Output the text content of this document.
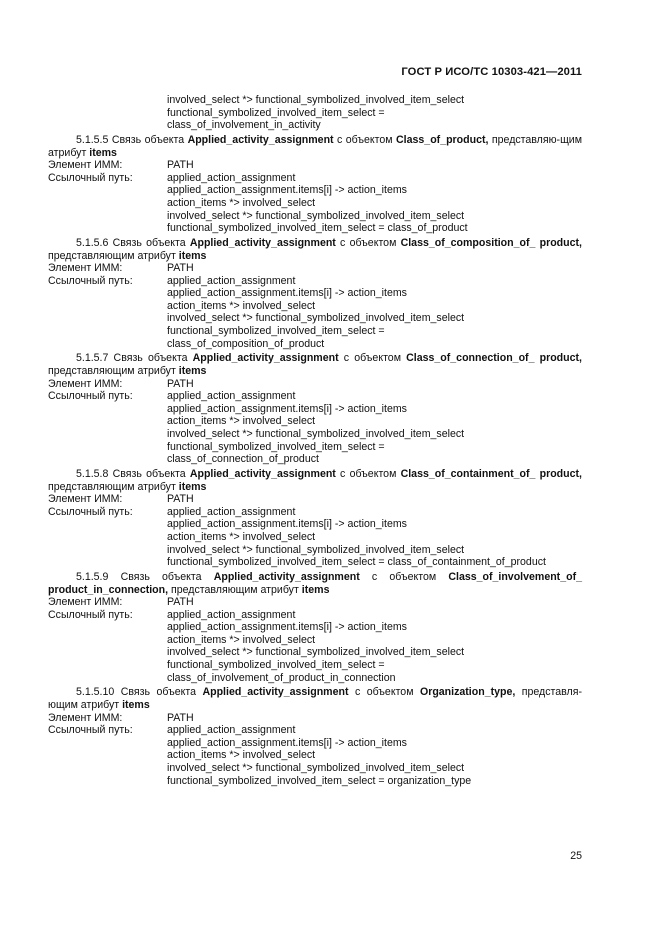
ГОСТ Р ИСО/ТС 10303-421—2011
involved_select *> functional_symbolized_involved_item_select
functional_symbolized_involved_item_select =
class_of_involvement_in_activity
5.1.5.5 Связь объекта Applied_activity_assignment с объектом Class_of_product, представляю-щим атрибут items
Элемент ИММ:	PATH
Ссылочный путь:	applied_action_assignment
applied_action_assignment.items[i] -> action_items
action_items *> involved_select
involved_select *> functional_symbolized_involved_item_select
functional_symbolized_involved_item_select = class_of_product
5.1.5.6 Связь объекта Applied_activity_assignment с объектом Class_of_composition_of_ product, представляющим атрибут items
Элемент ИММ:	PATH
Ссылочный путь:	applied_action_assignment
applied_action_assignment.items[i] -> action_items
action_items *> involved_select
involved_select *> functional_symbolized_involved_item_select
functional_symbolized_involved_item_select =
class_of_composition_of_product
5.1.5.7 Связь объекта Applied_activity_assignment с объектом Class_of_connection_of_ product, представляющим атрибут items
Элемент ИММ:	PATH
Ссылочный путь:	applied_action_assignment
applied_action_assignment.items[i] -> action_items
action_items *> involved_select
involved_select *> functional_symbolized_involved_item_select
functional_symbolized_involved_item_select =
class_of_connection_of_product
5.1.5.8 Связь объекта Applied_activity_assignment с объектом Class_of_containment_of_ product, представляющим атрибут items
Элемент ИММ:	PATH
Ссылочный путь:	applied_action_assignment
applied_action_assignment.items[i] -> action_items
action_items *> involved_select
involved_select *> functional_symbolized_involved_item_select
functional_symbolized_involved_item_select = class_of_containment_of_product
5.1.5.9 Связь объекта Applied_activity_assignment с объектом Class_of_involvement_of_ product_in_connection, представляющим атрибут items
Элемент ИММ:	PATH
Ссылочный путь:	applied_action_assignment
applied_action_assignment.items[i] -> action_items
action_items *> involved_select
involved_select *> functional_symbolized_involved_item_select
functional_symbolized_involved_item_select =
class_of_involvement_of_product_in_connection
5.1.5.10 Связь объекта Applied_activity_assignment с объектом Organization_type, представля-ющим атрибут items
Элемент ИММ:	PATH
Ссылочный путь:	applied_action_assignment
applied_action_assignment.items[i] -> action_items
action_items *> involved_select
involved_select *> functional_symbolized_involved_item_select
functional_symbolized_involved_item_select = organization_type
25
